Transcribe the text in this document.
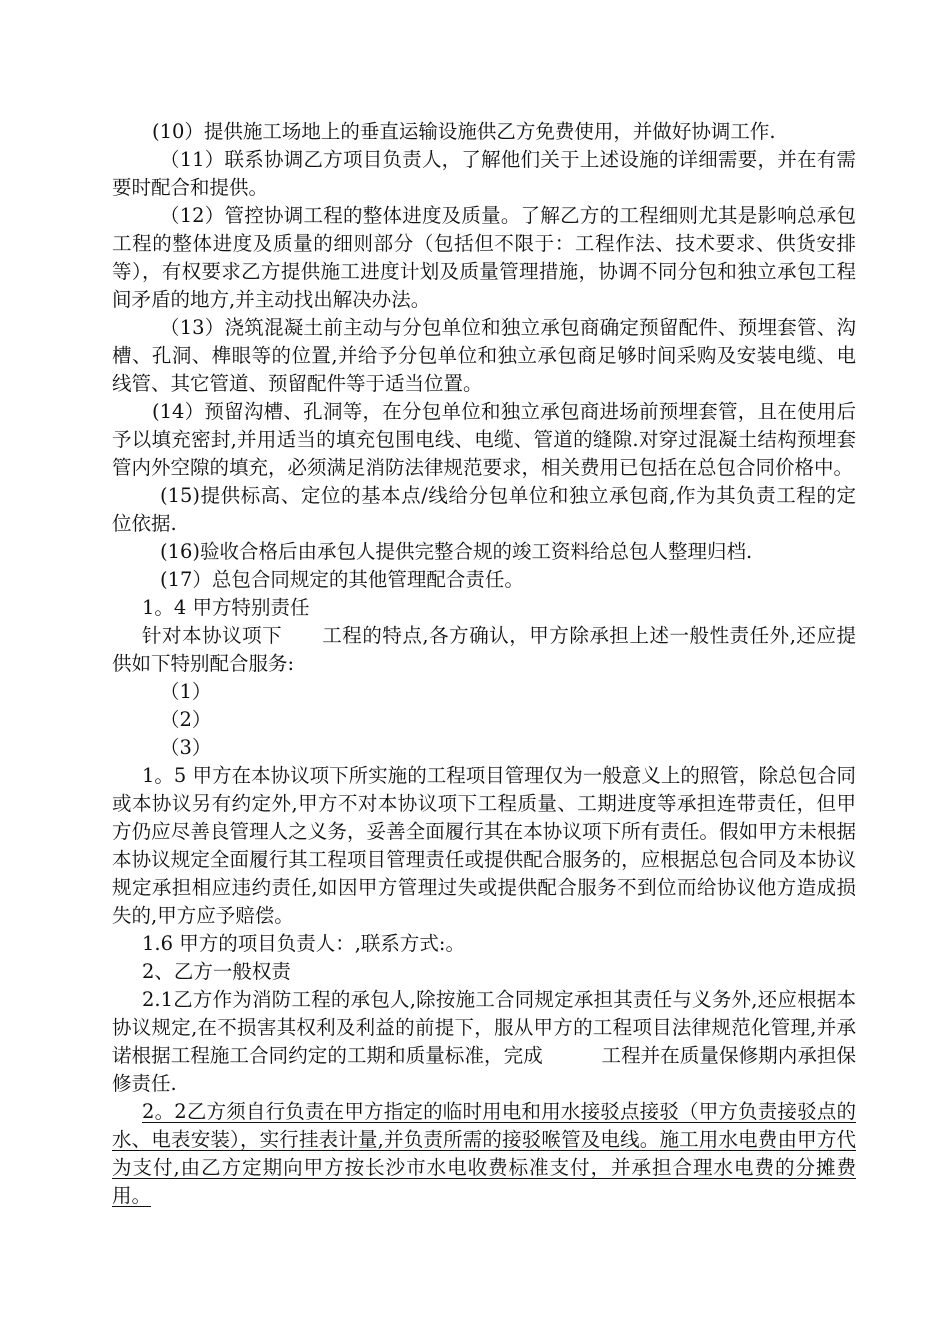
(10）提供施工场地上的垂直运输设施供乙方免费使用，并做好协调工作.

（11）联系协调乙方项目负责人，了解他们关于上述设施的详细需要，并在有需要时配合和提供。

（12）管控协调工程的整体进度及质量。了解乙方的工程细则尤其是影响总承包工程的整体进度及质量的细则部分（包括但不限于：工程作法、技术要求、供货安排等），有权要求乙方提供施工进度计划及质量管理措施，协调不同分包和独立承包工程间矛盾的地方,并主动找出解决办法。

（13）浇筑混凝土前主动与分包单位和独立承包商确定预留配件、预埋套管、沟槽、孔洞、榫眼等的位置,并给予分包单位和独立承包商足够时间采购及安装电缆、电线管、其它管道、预留配件等于适当位置。

(14）预留沟槽、孔洞等，在分包单位和独立承包商进场前预埋套管，且在使用后予以填充密封,并用适当的填充包围电线、电缆、管道的缝隙.对穿过混凝土结构预埋套管内外空隙的填充，必须满足消防法律规范要求，相关费用已包括在总包合同价格中。

(15)提供标高、定位的基本点/线给分包单位和独立承包商,作为其负责工程的定位依据.

(16)验收合格后由承包人提供完整合规的竣工资料给总包人整理归档.

(17）总包合同规定的其他管理配合责任。

1。4 甲方特别责任

针对本协议项下　　工程的特点,各方确认，甲方除承担上述一般性责任外,还应提供如下特别配合服务:

（1）

（2）

（3）

1。5 甲方在本协议项下所实施的工程项目管理仅为一般意义上的照管，除总包合同或本协议另有约定外,甲方不对本协议项下工程质量、工期进度等承担连带责任，但甲方仍应尽善良管理人之义务，妥善全面履行其在本协议项下所有责任。假如甲方未根据本协议规定全面履行其工程项目管理责任或提供配合服务的，应根据总包合同及本协议规定承担相应违约责任,如因甲方管理过失或提供配合服务不到位而给协议他方造成损失的,甲方应予赔偿。

1.6 甲方的项目负责人：,联系方式:。

2、乙方一般权责

2.1乙方作为消防工程的承包人,除按施工合同规定承担其责任与义务外,还应根据本协议规定,在不损害其权利及利益的前提下，服从甲方的工程项目法律规范化管理,并承诺根据工程施工合同约定的工期和质量标准，完成　　　工程并在质量保修期内承担保修责任.

2。2乙方须自行负责在甲方指定的临时用电和用水接驳点接驳（甲方负责接驳点的水、电表安装），实行挂表计量,并负责所需的接驳喉管及电线。施工用水电费由甲方代为支付,由乙方定期向甲方按长沙市水电收费标准支付，并承担合理水电费的分摊费用。
